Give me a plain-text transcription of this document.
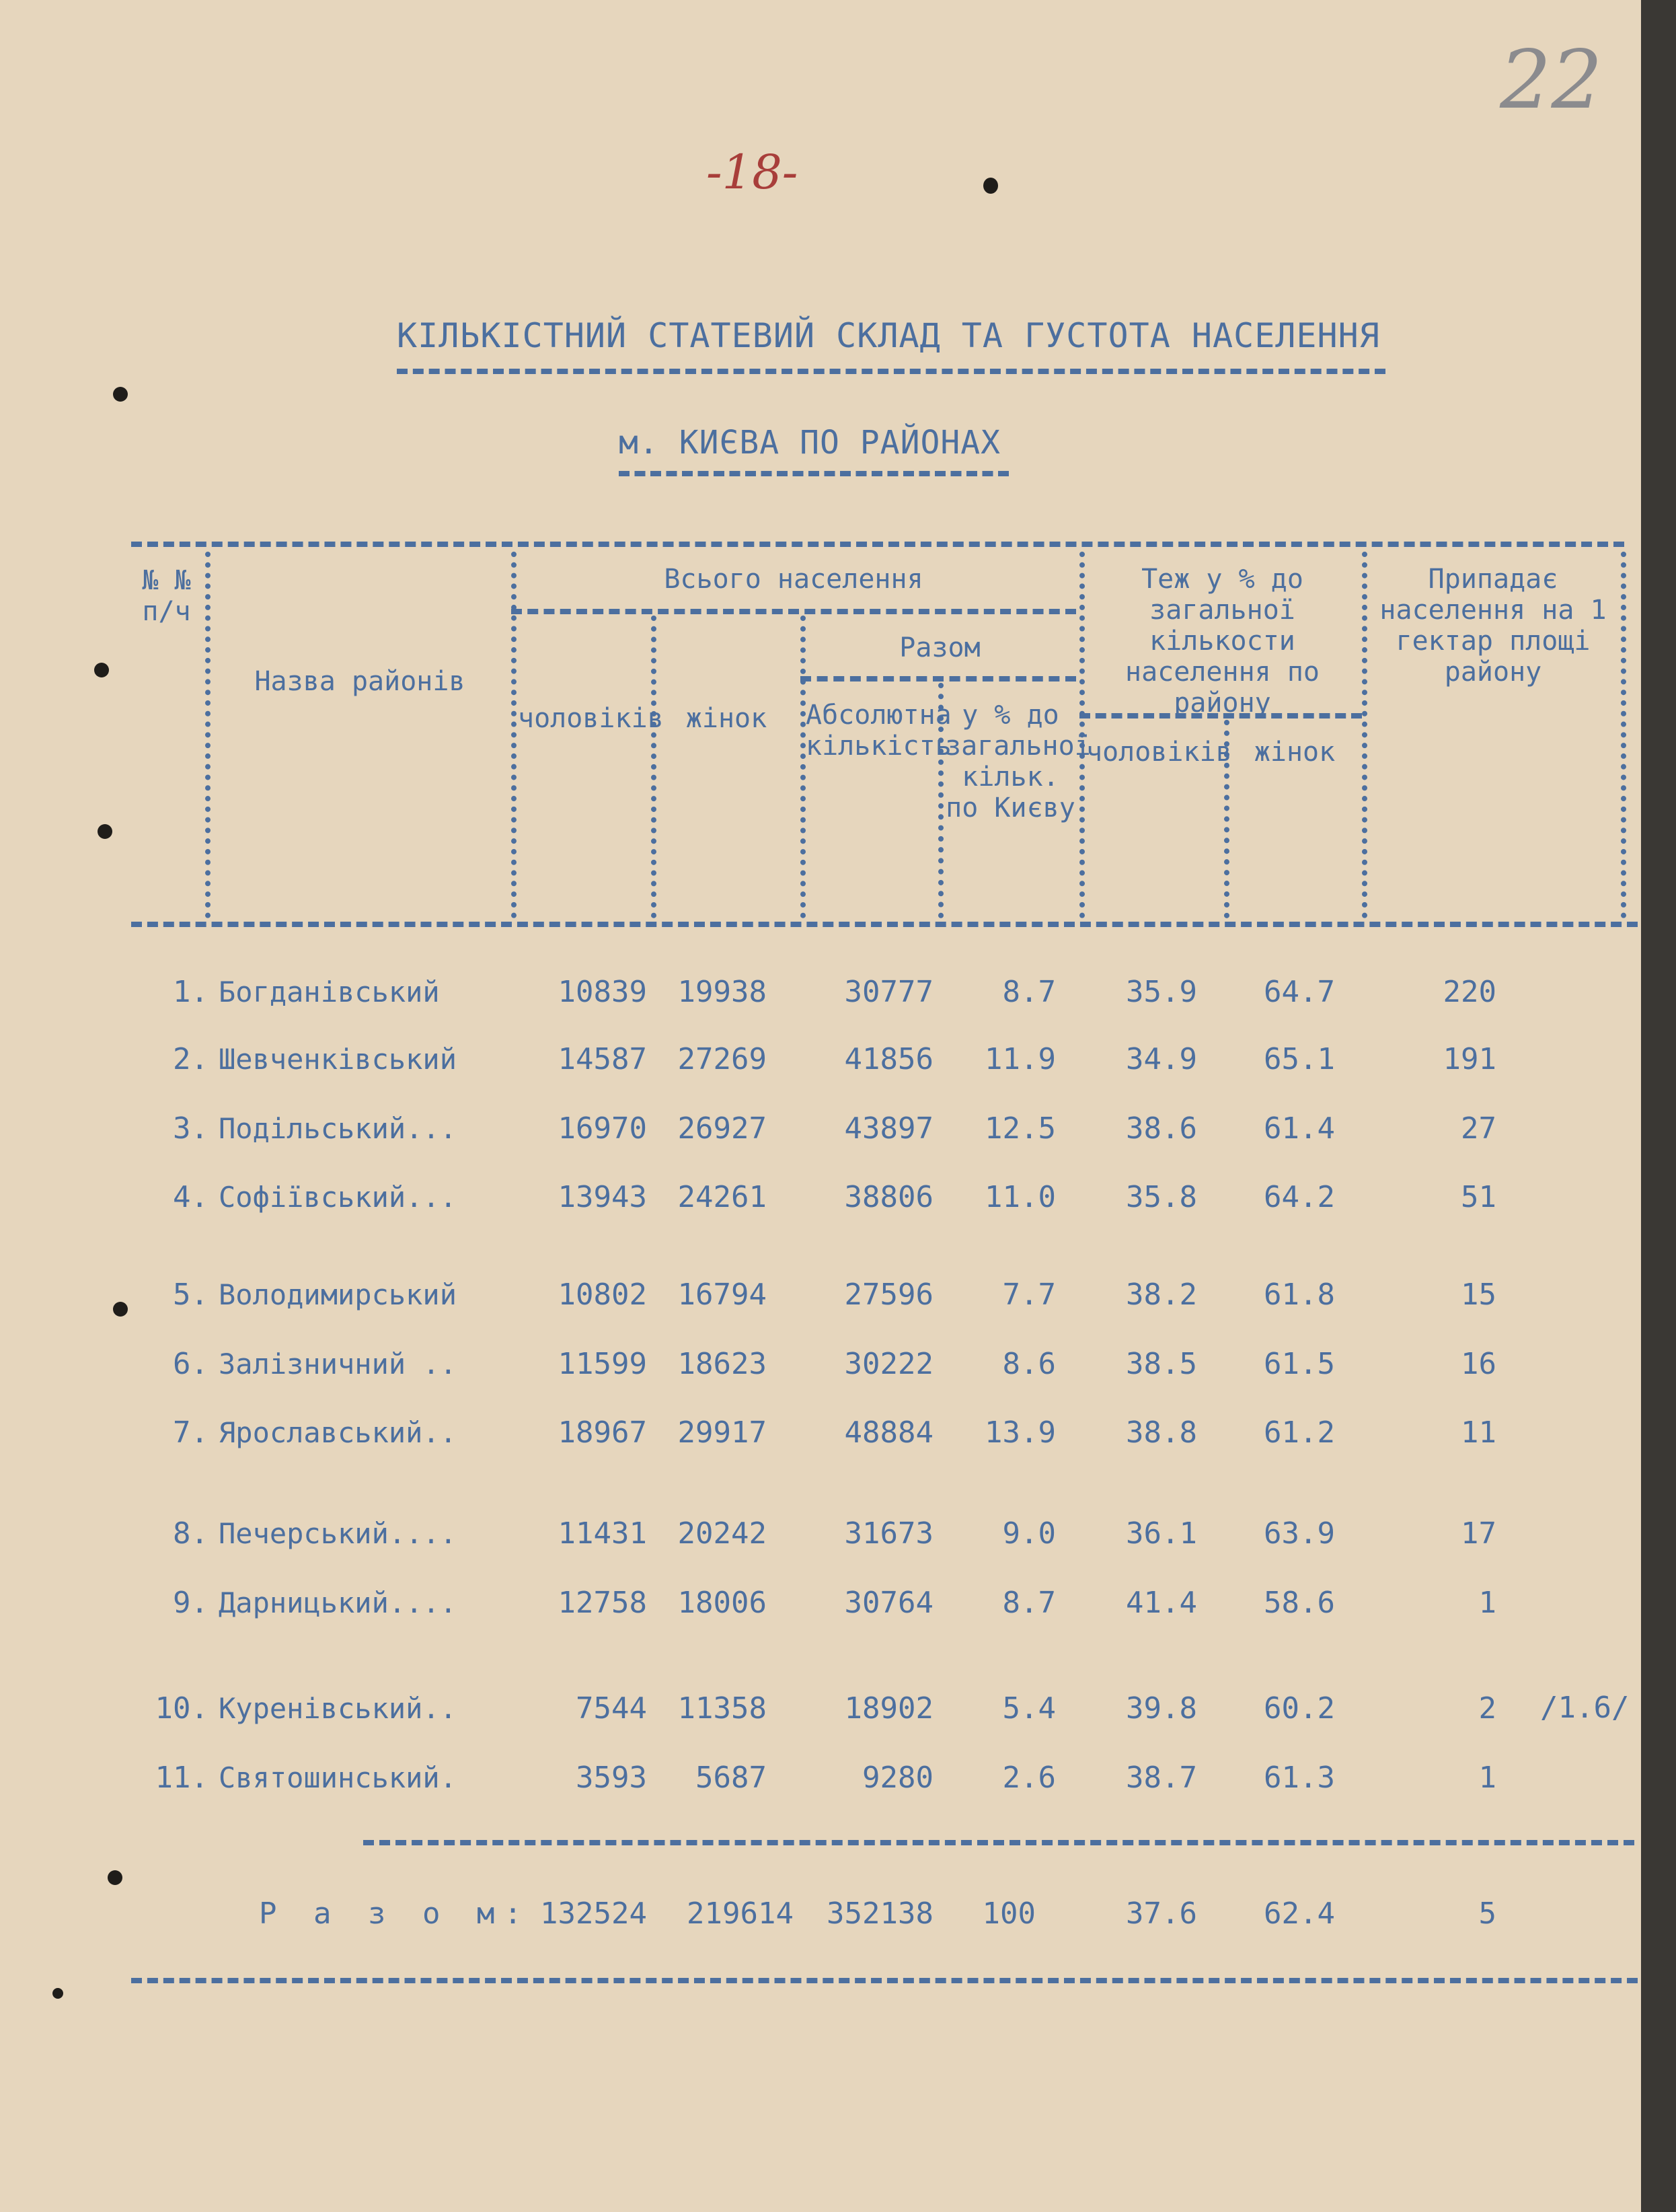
22
-18-
КІЛЬКІСТНИЙ СТАТЕВИЙ СКЛАД ТА ГУСТОТА НАСЕЛЕННЯ
м. КИЄВА ПО РАЙОНАХ
№ № п/ч
Назва районів
Всього населення
чоловіків жінок
Разом
Абсолютна кількість
у % до загальної кільк. по Києву
Теж у % до загальної кількости населення по району
чоловіків жінок
Припадає населення на 1 гектар площі району
1. Богданівський	10839	19938	30777	8.7	35.9	64.7	220
2. Шевченківський	14587	27269	41856	11.9	34.9	65.1	191
3. Подільський...	16970	26927	43897	12.5	38.6	61.4	27
4. Софіївський...	13943	24261	38806	11.0	35.8	64.2	51
5. Володимирський	10802	16794	27596	7.7	38.2	61.8	15
6. Залізничний ..	11599	18623	30222	8.6	38.5	61.5	16
7. Ярославський..	18967	29917	48884	13.9	38.8	61.2	11
8. Печерський....	11431	20242	31673	9.0	36.1	63.9	17
9. Дарницький....	12758	18006	30764	8.7	41.4	58.6	1
10. Куренівський..	7544	11358	18902	5.4	39.8	60.2	2 /1.6/
11. Святошинський.	3593	5687	9280	2.6	38.7	61.3	1
Р а з о м: 132524	219614	352138	100	37.6	62.4	5
